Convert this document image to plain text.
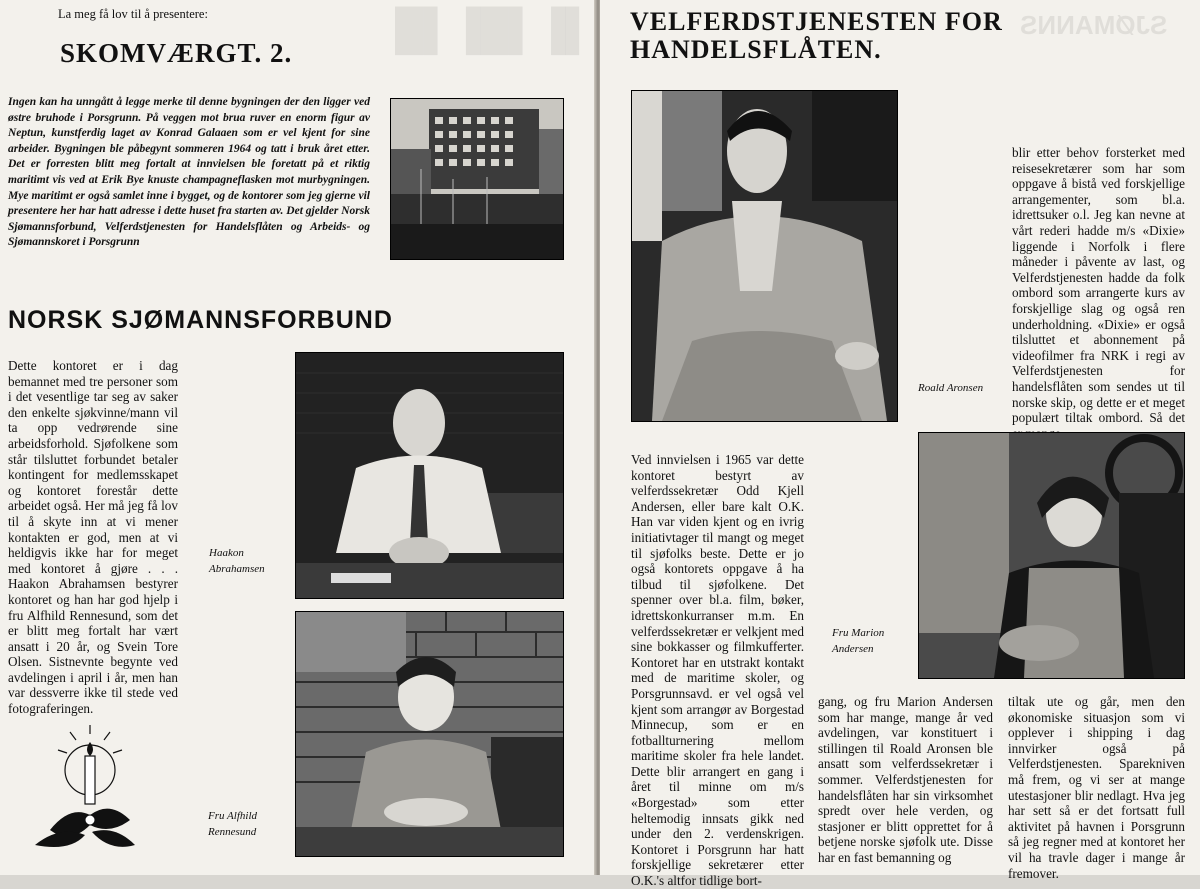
█▌▐█▌▐▌
La meg få lov til å presentere:
SKOMVÆRGT. 2.
Ingen kan ha unngått å legge merke til denne bygningen der den ligger ved østre bruhode i Porsgrunn. På veggen mot brua ruver en enorm figur av Neptun, kunstferdig laget av Konrad Galaaen som er vel kjent for sine arbeider. Bygningen ble påbegynt sommeren 1964 og tatt i bruk året etter. Det er forresten blitt meg fortalt at innvielsen ble foretatt på et riktig maritimt vis ved at Erik Bye knuste champagneflasken mot murbygningen. Mye maritimt er også samlet inne i bygget, og de kontorer som jeg gjerne vil presentere her har hatt adresse i dette huset fra starten av. Det gjelder Norsk Sjømannsforbund, Velferdstjenesten for Handelsflåten og Arbeids- og Sjømannskoret i Porsgrunn
NORSK SJØMANNSFORBUND
Dette kontoret er i dag bemannet med tre personer som i det vesentlige tar seg av saker den enkelte sjøkvinne/mann vil ta opp vedrørende sine arbeidsforhold. Sjøfolkene som står tilsluttet forbundet betaler kontingent for medlemsskapet og kontoret forestår dette arbeidet også. Her må jeg få lov til å skyte inn at vi mener kontakten er god, men at vi heldigvis ikke har for meget med kontoret å gjøre . . . Haakon Abrahamsen bestyrer kontoret og han har god hjelp i fru Alfhild Rennesund, som det er blitt meg fortalt har vært ansatt i 20 år, og Svein Tore Olsen. Sistnevnte begynte ved avdelingen i april i år, men han var dessverre ikke til stede ved fotograferingen.
Haakon Abrahamsen
Fru Alfhild Rennesund
SJØMANNS
VELFERDSTJENESTEN FOR
HANDELSFLÅTEN.
blir etter behov forsterket med reisesekretærer som har som oppgave å bistå ved forskjellige arrangementer, som bl.a. idrettsuker o.l. Jeg kan nevne at vårt rederi hadde m/s «Dixie» liggende i Norfolk i flere måneder i påvente av last, og Velferdstjenesten hadde da folk ombord som arrangerte kurs av forskjellige slag og også ren underholdning. «Dixie» er også tilsluttet et abonnement på videofilmer fra NRK i regi av Velferdstjenesten for handelsflåten som sendes ut til norske skip, og dette er et meget populært tiltak ombord. Så det
Roald Aronsen
Fru Marion Andersen
Ved innvielsen i 1965 var dette kontoret bestyrt av velferdssekretær Odd Kjell Andersen, eller bare kalt O.K. Han var viden kjent og en ivrig initiativtager til mangt og meget til sjøfolks beste. Dette er jo også kontorets oppgave å ha tilbud til sjøfolkene. Det spenner over bl.a. film, bøker, idrettskonkurranser m.m. En velferdssekretær er velkjent med sine bokkasser og filmkufferter. Kontoret har en utstrakt kontakt med de maritime skoler, og Porsgrunnsavd. er vel også vel kjent som arrangør av Borgestad Minnecup, som er en fotballturnering mellom maritime skoler fra hele landet. Dette blir arrangert en gang i året til minne om m/s «Borgestad» som etter heltemodig innsats gikk ned under den 2. verdenskrigen. Kontoret i Porsgrunn har hatt forskjellige sekretærer etter O.K.'s altfor tidlige bort-
gang, og fru Marion Andersen som har mange, mange år ved avdelingen, var konstituert i stillingen til Roald Aronsen ble ansatt som velferdssekretær i sommer. Velferdstjenesten for handelsflåten har sin virksomhet spredt over hele verden, og stasjoner er blitt opprettet for å betjene norske sjøfolk ute. Disse har en fast bemanning og
tiltak ute og går, men den økonomiske situasjon som vi opplever i shipping i dag innvirker også på Velferdstjenesten. Sparekniven må frem, og vi ser at mange utestasjoner blir nedlagt. Hva jeg har sett så er det fortsatt full aktivitet på havnen i Porsgrunn så jeg regner med at kontoret her vil ha travle dager i mange år fremover.
